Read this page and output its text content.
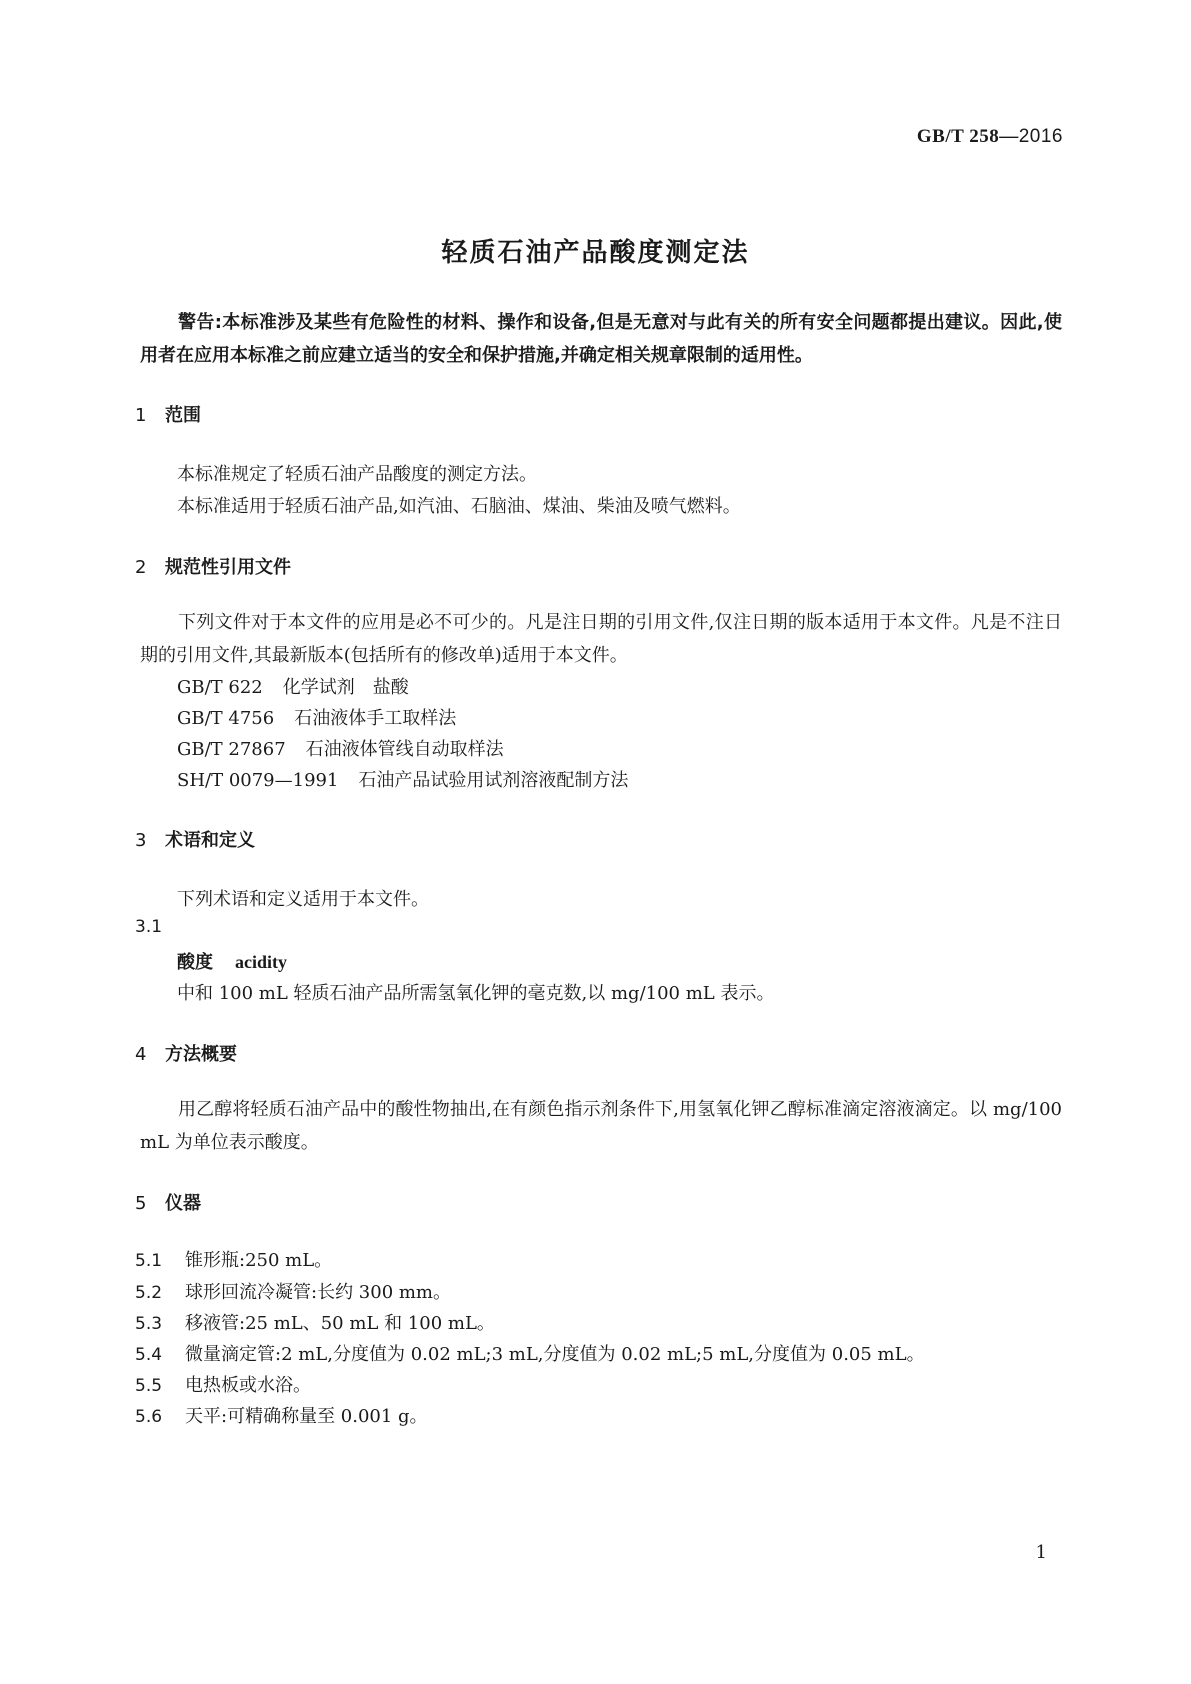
GB/T 258—2016
轻质石油产品酸度测定法

警告:本标准涉及某些有危险性的材料、操作和设备,但是无意对与此有关的所有安全问题都提出建议。因此,使用者在应用本标准之前应建立适当的安全和保护措施,并确定相关规章限制的适用性。

1 范围
本标准规定了轻质石油产品酸度的测定方法。
本标准适用于轻质石油产品,如汽油、石脑油、煤油、柴油及喷气燃料。
2 规范性引用文件

下列文件对于本文件的应用是必不可少的。凡是注日期的引用文件,仅注日期的版本适用于本文件。凡是不注日期的引用文件,其最新版本(包括所有的修改单)适用于本文件。

GB/T 622 化学试剂　盐酸
GB/T 4756 石油液体手工取样法
GB/T 27867 石油液体管线自动取样法
SH/T 0079—1991 石油产品试验用试剂溶液配制方法
3 术语和定义
下列术语和定义适用于本文件。
3.1
酸度 acidity
中和 100 mL 轻质石油产品所需氢氧化钾的毫克数,以 mg/100 mL 表示。
4 方法概要

用乙醇将轻质石油产品中的酸性物抽出,在有颜色指示剂条件下,用氢氧化钾乙醇标准滴定溶液滴定。以 mg/100 mL 为单位表示酸度。

5 仪器
5.1 锥形瓶:250 mL。
5.2 球形回流冷凝管:长约 300 mm。
5.3 移液管:25 mL、50 mL 和 100 mL。
5.4 微量滴定管:2 mL,分度值为 0.02 mL;3 mL,分度值为 0.02 mL;5 mL,分度值为 0.05 mL。
5.5 电热板或水浴。
5.6 天平:可精确称量至 0.001 g。
1
